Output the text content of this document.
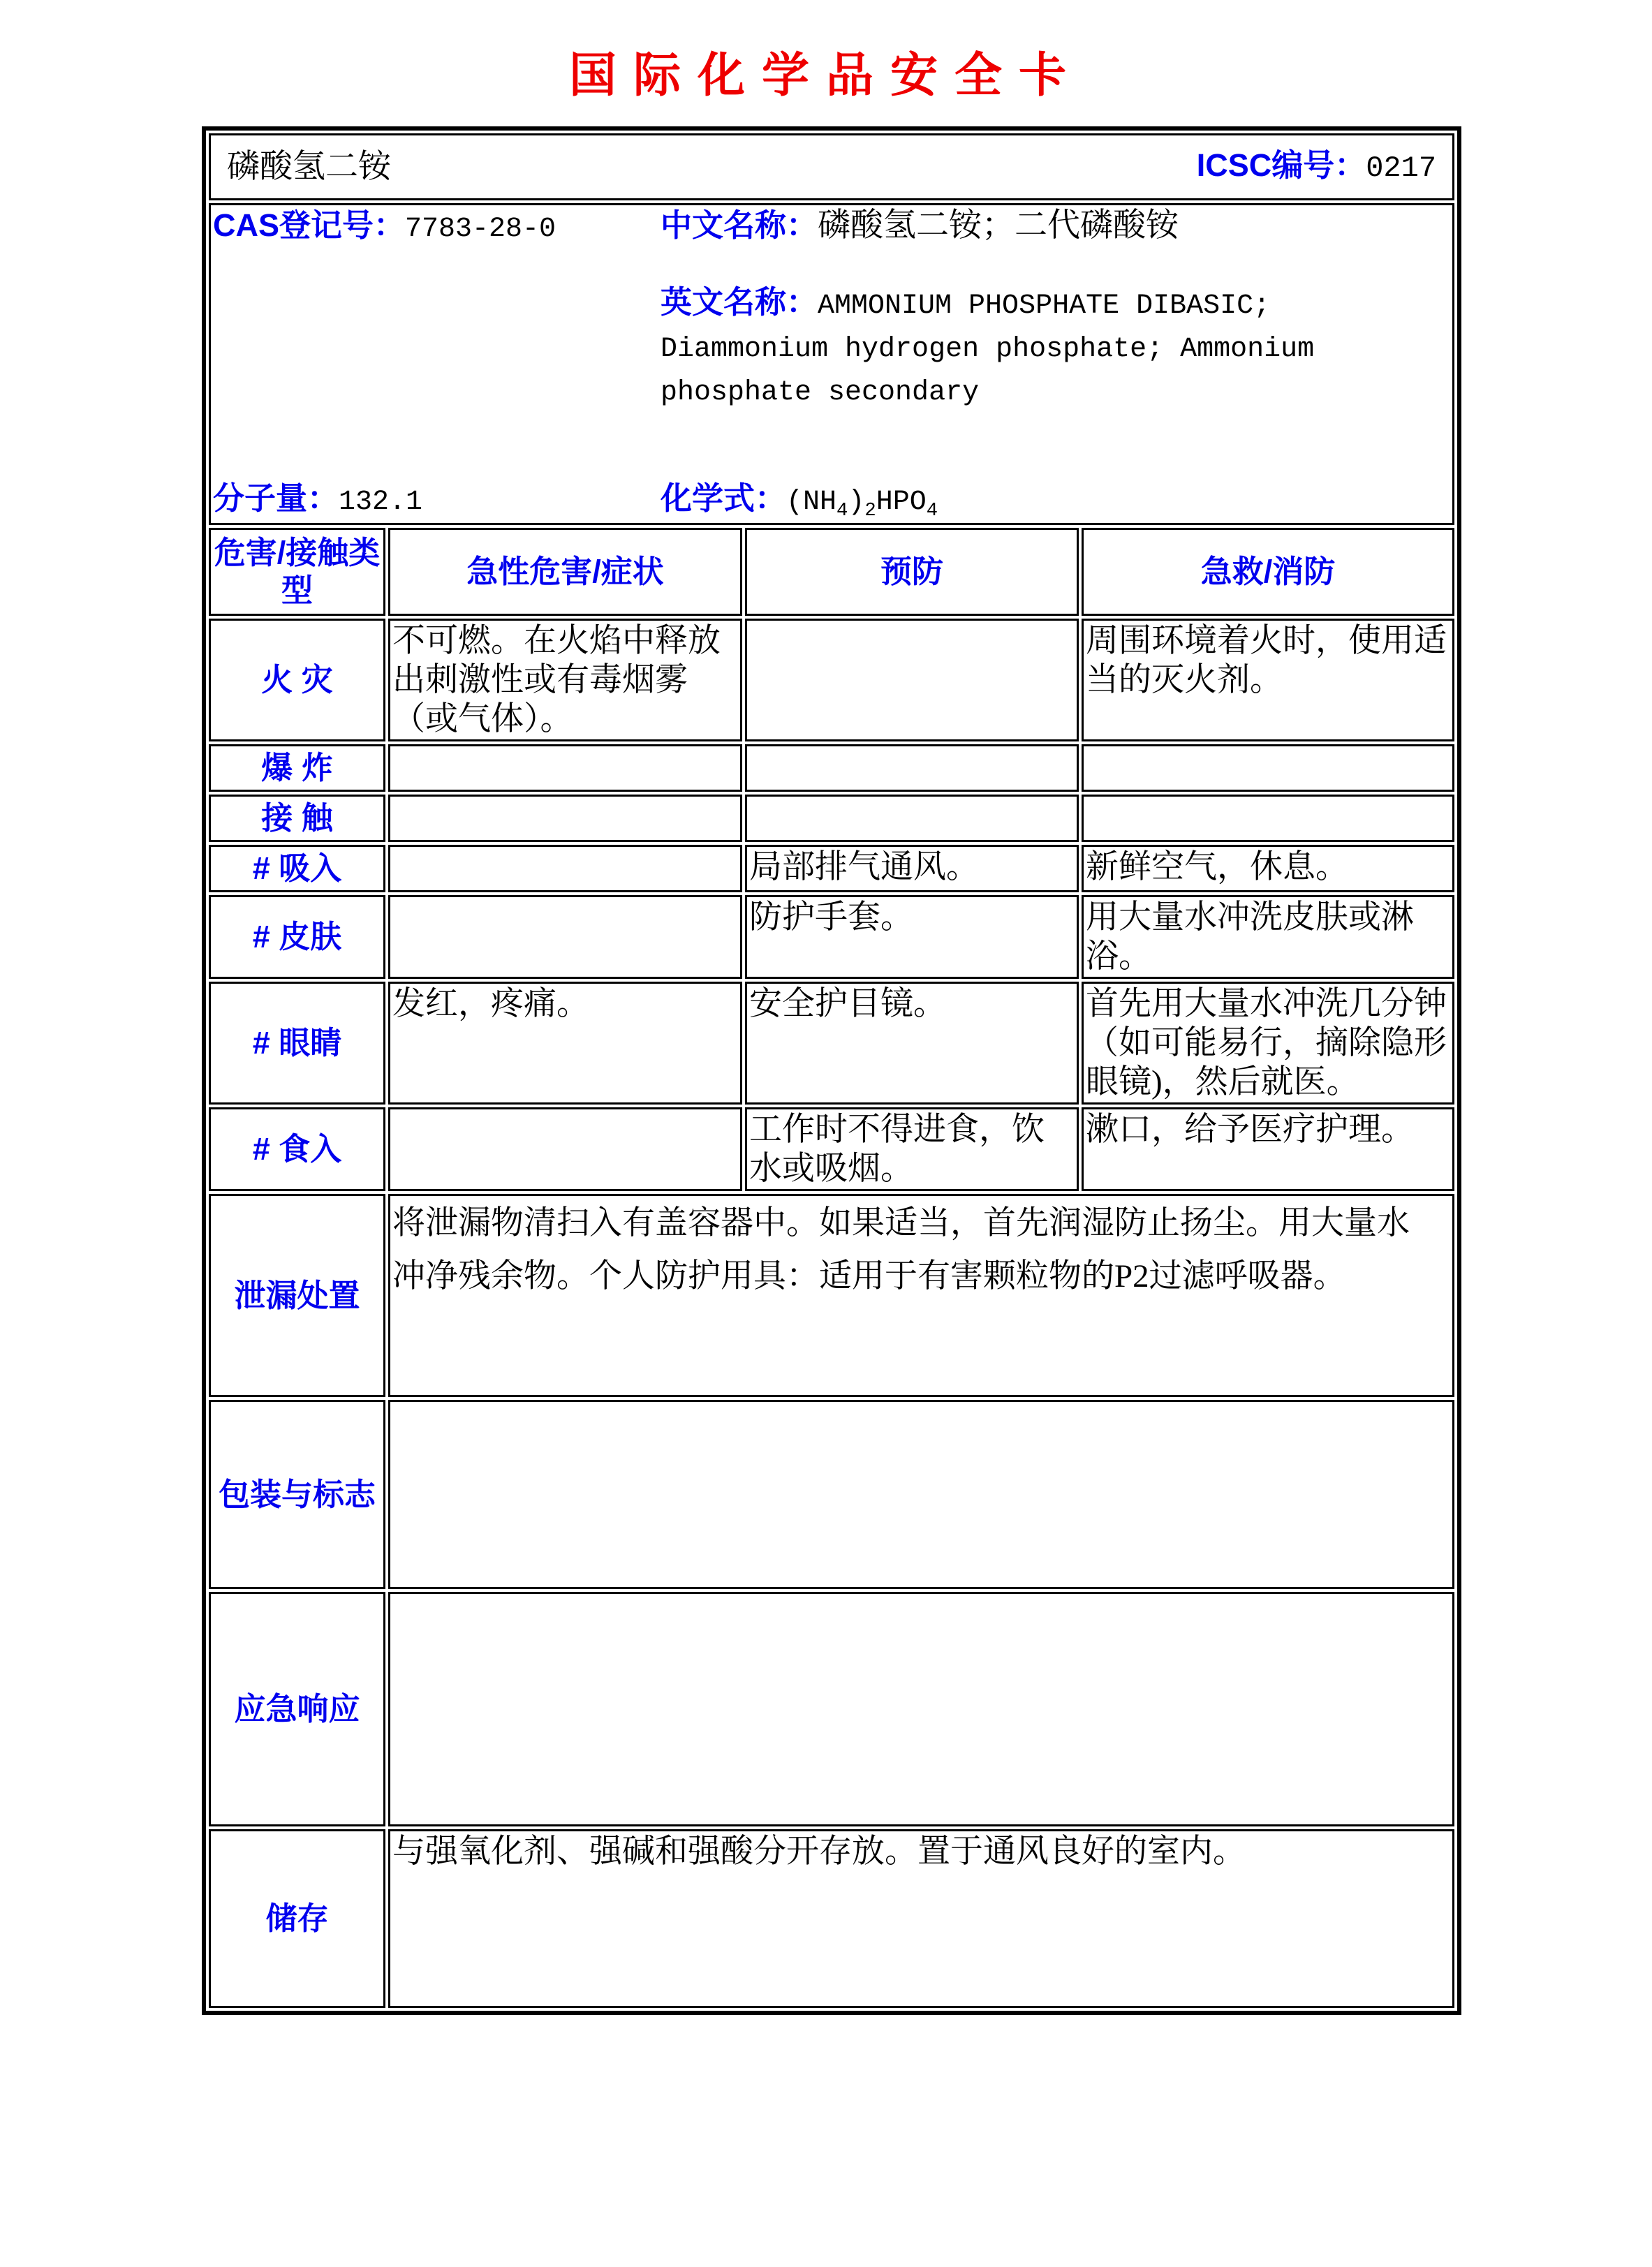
国际化学品安全卡
磷酸氢二铵 ICSC编号：0217			

CAS登记号：7783-28-0 中文名称：磷酸氢二铵；二代磷酸铵
英文名称：AMMONIUM PHOSPHATE DIBASIC; Diammonium hydrogen phosphate; Ammonium phosphate secondary
分子量：132.1 化学式：$(NH_4)_2HPO_4$

危害/接触类型	急性危害/症状	预防	急救/消防
火 灾	不可燃。在火焰中释放出刺激性或有毒烟雾（或气体）。		周围环境着火时，使用适当的灭火剂。
爆 炸			
接 触			
# 吸入		局部排气通风。	新鲜空气，休息。
# 皮肤		防护手套。	用大量水冲洗皮肤或淋浴。
# 眼睛	发红，疼痛。	安全护目镜。	首先用大量水冲洗几分钟（如可能易行，摘除隐形眼镜)，然后就医。
# 食入		工作时不得进食，饮水或吸烟。	漱口，给予医疗护理。
泄漏处置	将泄漏物清扫入有盖容器中。如果适当，首先润湿防止扬尘。用大量水冲净残余物。个人防护用具：适用于有害颗粒物的P2过滤呼吸器。		
包装与标志			
应急响应			
储存	与强氧化剂、强碱和强酸分开存放。置于通风良好的室内。		
